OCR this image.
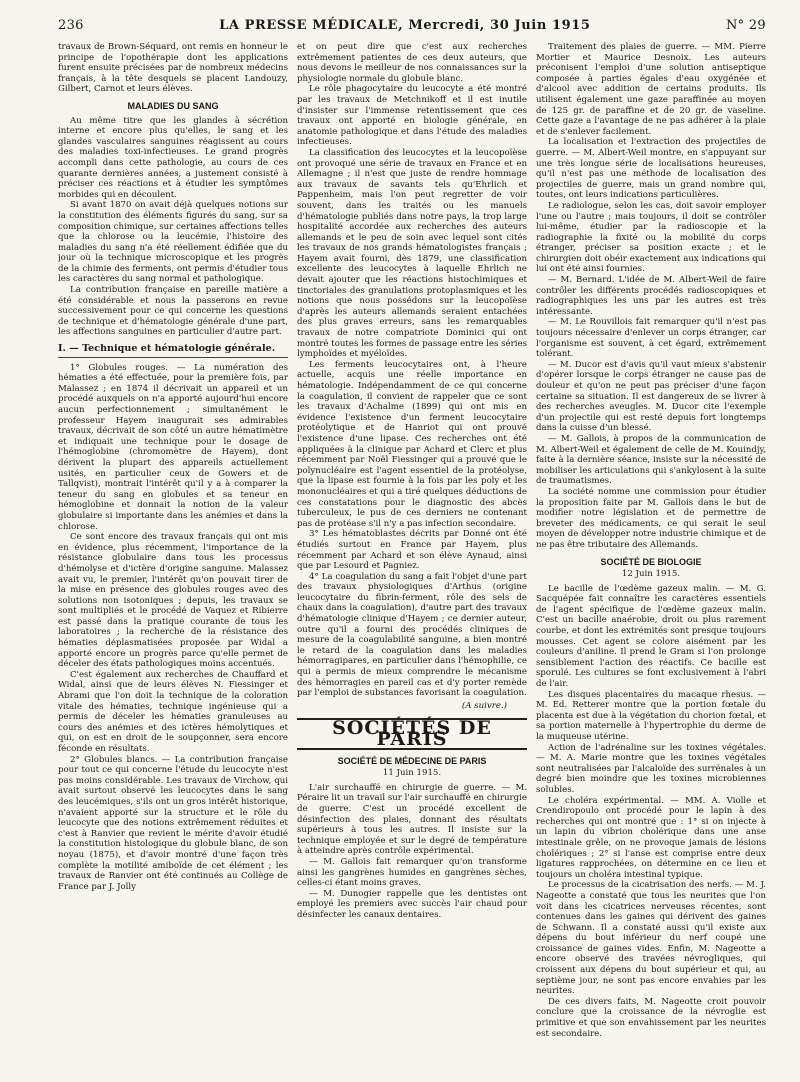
236	LA PRESSE MÉDICALE, Mercredi, 30 Juin 1915	N° 29

travaux de Brown-Séquard, ont remis en honneur le principe de l'opothérapie dont les applications furent ensuite précisées par de nombreux médecins français, à la tête desquels se placent Landouzy, Gilbert, Carnot et leurs élèves.

MALADIES DU SANG

Au même titre que les glandes à sécrétion interne et encore plus qu'elles, le sang et les glandes vasculaires sanguines réagissent au cours des maladies toxi-infectieuses. Le grand progrès accompli dans cette pathologie, au cours de ces quarante dernières années, a justement consisté à préciser ces réactions et à étudier les symptômes morbides qui en découlent.

Si avant 1870 on avait déjà quelques notions sur la constitution des éléments figurés du sang, sur sa composition chimique, sur certaines affections telles que la chlorose ou la leucémie, l'histoire des maladies du sang n'a été réellement édifiée que du jour où la technique microscopique et les progrès de la chimie des ferments, ont permis d'étudier tous les caractères du sang normal et pathologique.

La contribution française en pareille matière a été considérable et nous la passerons en revue successivement pour ce qui concerne les questions de technique et d'hématologie générale d'une part, les affections sanguines en particulier d'autre part.

I. — Technique et hématologie générale.

1° Globules rouges. — La numération des hématies a été effectuée, pour la première fois, par Malassez ; en 1874 il décrivait un appareil et un procédé auxquels on n'a apporté aujourd'hui encore aucun perfectionnement ; simultanément le professeur Hayem inaugurait ses admirables travaux, décrivait de son côté un autre hématimètre et indiquait une technique pour le dosage de l'hémoglobine (chromomètre de Hayem), dont dérivent la plupart des appareils actuellement usités, en particulier ceux de Gowers et de Tallqvist), montrait l'intérêt qu'il y a à comparer la teneur du sang en globules et sa teneur en hémoglobine et donnait la notion de la valeur globulaire si importante dans les anémies et dans la chlorose.

Ce sont encore des travaux français qui ont mis en évidence, plus récemment, l'importance de la résistance globulaire dans tous les processus d'hémolyse et d'ictère d'origine sanguine. Malassez avait vu, le premier, l'intérêt qu'on pouvait tirer de la mise en présence des globules rouges avec des solutions non isotoniques ; depuis, les travaux se sont multipliés et le procédé de Vaquez et Ribierre est passé dans la pratique courante de tous les laboratoires ; la recherche de la résistance des hématies déplasmatisées proposée par Widal a apporté encore un progrès parce qu'elle permet de déceler des états pathologiques moins accentués.

C'est également aux recherches de Chauffard et Widal, ainsi que de leurs élèves N. Fiessinger et Abrami que l'on doit la technique de la coloration vitale des hématies, technique ingénieuse qui a permis de déceler les hématies granuleuses au cours des anémies et des ictères hémolytiques et qui, on est en droit de le soupçonner, sera encore féconde en résultats.

2° Globules blancs. — La contribution française pour tout ce qui concerne l'étude du leucocyte n'est pas moins considérable. Les travaux de Virchow, qui avait surtout observé les leucocytes dans le sang des leucémiques, s'ils ont un gros intérêt historique, n'avaient apporté sur la structure et le rôle du leucocyte que des notions extrêmement réduites et c'est à Ranvier que revient le mérite d'avoir étudié la constitution histologique du globule blanc, de son noyau (1875), et d'avoir montré d'une façon très complète la motilité amiboïde de cet élément ; les travaux de Ranvier ont été continués au Collège de France par J. Jolly

et on peut dire que c'est aux recherches extrêmement patientes de ces deux auteurs, que nous devons le meilleur de nos connaissances sur la physiologie normale du globule blanc.

Le rôle phagocytaire du leucocyte a été montré par les travaux de Metchnikoff et il est inutile d'insister sur l'immense retentissement que ces travaux ont apporté en biologie générale, en anatomie pathologique et dans l'étude des maladies infectieuses.

La classification des leucocytes et la leucopoïèse ont provoqué une série de travaux en France et en Allemagne ; il n'est que juste de rendre hommage aux travaux de savants tels qu'Ehrlich et Pappenheim, mais l'on peut regretter de voir souvent, dans les traités ou les manuels d'hématologie publiés dans notre pays, la trop large hospitalité accordée aux recherches des auteurs allemands et le peu de soin avec lequel sont cités les travaux de nos grands hématologistes français ; Hayem avait fourni, dès 1879, une classification excellente des leucocytes à laquelle Ehrlich ne devait ajouter que les réactions histochimiques et tinctoriales des granulations protoplasmiques et les notions que nous possédons sur la leucopoïèse d'après les auteurs allemands seraient entachées des plus graves erreurs, sans les remarquables travaux de notre compatriote Dominici qui ont montré toutes les formes de passage entre les séries lymphoïdes et myéloïdes.

Les ferments leucocytaires ont, à l'heure actuelle, acquis une réelle importance en hématologie. Indépendamment de ce qui concerne la coagulation, il convient de rappeler que ce sont les travaux d'Achalme (1899) qui ont mis en évidence l'existence d'un ferment leucocytaire protéolytique et de Hanriot qui ont prouvé l'existence d'une lipase. Ces recherches ont été appliquées à la clinique par Achard et Clerc et plus récemment par Noël Fiessinger qui a prouvé que le polynucléaire est l'agent essentiel de la protéolyse, que la lipase est fournie à la fois par les poly et les mononucléaires et qui a tiré quelques déductions de ces constatations pour le diagnostic des abcès tuberculeux, le pus de ces derniers ne contenant pas de protéase s'il n'y a pas infection secondaire.

3° Les hématoblastes décrits par Donné ont été étudiés surtout en France par Hayem, plus récemment par Achard et son élève Aynaud, ainsi que par Lesourd et Pagniez.

4° La coagulation du sang a fait l'objet d'une part des travaux physiologiques d'Arthus (origine leucocytaire du fibrin-ferment, rôle des sels de chaux dans la coagulation), d'autre part des travaux d'hématologie clinique d'Hayem ; ce dernier auteur, outre qu'il a fourni des procédés cliniques de mesure de la coagulabilité sanguine, a bien montré le retard de la coagulation dans les maladies hémorragipares, en particulier dans l'hémophilie, ce qui a permis de mieux comprendre le mécanisme des hémorragies en pareil cas et d'y porter remède par l'emploi de substances favorisant la coagulation.

(A suivre.)
SOCIÉTÉS DE PARIS
SOCIÉTÉ DE MÉDECINE DE PARIS
11 Juin 1915.

L'air surchauffé en chirurgie de guerre. — M. Péraire lit un travail sur l'air surchauffé en chirurgie de guerre. C'est un procédé excellent de désinfection des plaies, donnant des résultats supérieurs à tous les autres. Il insiste sur la technique employée et sur le degré de température à atteindre après contrôle expérimental.

— M. Gallois fait remarquer qu'on transforme ainsi les gangrènes humides en gangrènes sèches, celles-ci étant moins graves.

— M. Dunogier rappelle que les dentistes ont employé les premiers avec succès l'air chaud pour désinfecter les canaux dentaires.

Traitement des plaies de guerre. — MM. Pierre Mortier et Maurice Desnoix. Les auteurs préconisent l'emploi d'une solution antiseptique composée à parties égales d'eau oxygénée et d'alcool avec addition de certains produits. Ils utilisent également une gaze paraffinée au moyen de 125 gr. de paraffine et de 20 gr. de vaseline. Cette gaze a l'avantage de ne pas adhérer à la plaie et de s'enlever facilement.

La localisation et l'extraction des projectiles de guerre. — M. Albert-Weil montre, en s'appuyant sur une très longue série de localisations heureuses, qu'il n'est pas une méthode de localisation des projectiles de guerre, mais un grand nombre qui, toutes, ont leurs indications particulières.

Le radiologue, selon les cas, doit savoir employer l'une ou l'autre ; mais toujours, il doit se contrôler lui-même, étudier par la radioscopie et la radiographie la fixité ou la mobilité du corps étranger, préciser sa position exacte ; et le chirurgien doit obéir exactement aux indications qui lui ont été ainsi fournies.

— M. Bernard. L'idée de M. Albert-Weil de faire contrôler les différents procédés radioscopiques et radiographiques les uns par les autres est très intéressante.

— M. Le Rouvillois fait remarquer qu'il n'est pas toujours nécessaire d'enlever un corps étranger, car l'organisme est souvent, à cet égard, extrêmement tolérant.

— M. Ducor est d'avis qu'il vaut mieux s'abstenir d'opérer lorsque le corps étranger ne cause pas de douleur et qu'on ne peut pas préciser d'une façon certaine sa situation. Il est dangereux de se livrer à des recherches aveugles. M. Ducor cite l'exemple d'un projectile qui est resté depuis fort longtemps dans la cuisse d'un blessé.

— M. Gallois, à propos de la communication de M. Albert-Weil et également de celle de M. Kouindjy, faite à la dernière séance, insiste sur la nécessité de mobiliser les articulations qui s'ankylosent à la suite de traumatismes.

La société nomme une commission pour étudier la proposition faite par M. Gallois dans le but de modifier notre législation et de permettre de breveter des médicaments, ce qui serait le seul moyen de développer notre industrie chimique et de ne pas être tributaire des Allemands.

SOCIÉTÉ DE BIOLOGIE
12 Juin 1915.

Le bacille de l'œdème gazeux malin. — M. G. Sacquépée fait connaître les caractères essentiels de l'agent spécifique de l'œdème gazeux malin. C'est un bacille anaérobie, droit ou plus rarement courbe, et dont les extrémités sont presque toujours mousses. Cet agent se colore aisément par les couleurs d'aniline. Il prend le Gram si l'on prolonge sensiblement l'action des réactifs. Ce bacille est sporulé. Les cultures se font exclusivement à l'abri de l'air.

Les disques placentaires du macaque rhesus. — M. Ed. Retterer montre que la portion fœtale du placenta est due à la végétation du chorion fœtal, et sa portion maternelle à l'hypertrophie du derme de la muqueuse utérine.

Action de l'adrénaline sur les toxines végétales. — M. A. Marie montre que les toxines végétales sont neutralisées par l'alcaloïde des surrénales à un degré bien moindre que les toxines microbiennes solubles.

Le choléra expérimental. — MM. A. Violle et Crendiropoulo ont procédé pour le lapin à des recherches qui ont montré que : 1° si on injecte à un lapin du vibrion cholérique dans une anse intestinale grêle, on ne provoque jamais de lésions cholériques ; 2° si l'anse est comprise entre deux ligatures rapprochées, on détermine en ce lieu et toujours un choléra intestinal typique.

Le processus de la cicatrisation des nerfs. — M. J. Nageotte a constaté que tous les neurites que l'on voit dans les cicatrices nerveuses récentes, sont contenues dans les gaines qui dérivent des gaines de Schwann. Il a constaté aussi qu'il existe aux dépens du bout inférieur du nerf coupé une croissance de gaines vides. Enfin, M. Nageotte a encore observé des travées névrogliques, qui croissent aux dépens du bout supérieur et qui, au septième jour, ne sont pas encore envahies par les neurites.

De ces divers faits, M. Nageotte croit pouvoir conclure que la croissance de la névroglie est primitive et que son envahissement par les neurites est secondaire.
